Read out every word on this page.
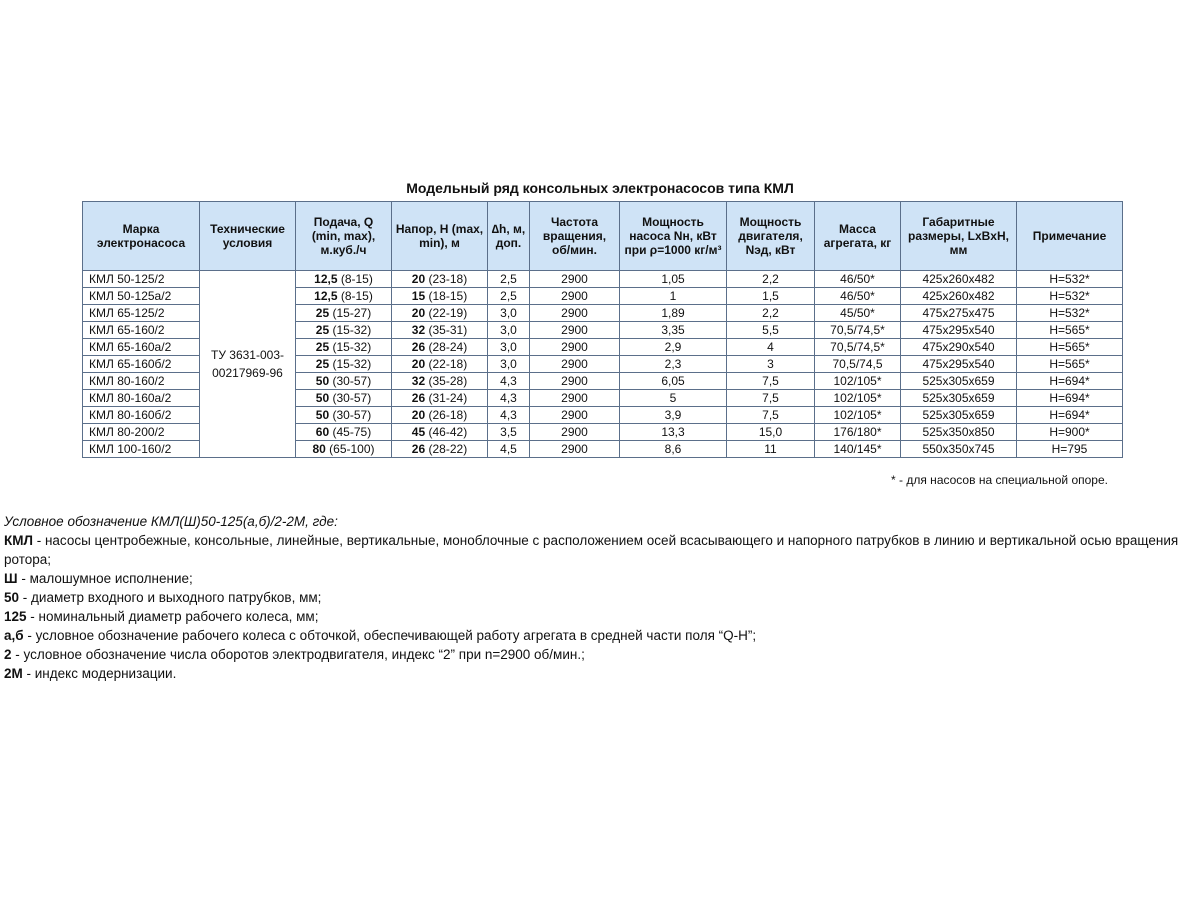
Модельный ряд консольных электронасосов типа КМЛ
Марка электронасоса	Технические условия	Подача, Q (min, max), м.куб./ч	Напор, Н (max, min), м	∆h, м, доп.	Частота вращения, об/мин.	Мощность насоса Nн, кВт при ρ=1000 кг/м³	Мощность двигателя, Nэд, кВт	Масса агрегата, кг	Габаритные размеры, LxBxH, мм	Примечание
КМЛ 50-125/2	ТУ 3631-003-00217969-96	12,5 (8-15)	20 (23-18)	2,5	2900	1,05	2,2	46/50*	425x260x482	H=532*
КМЛ 50-125а/2		12,5 (8-15)	15 (18-15)	2,5	2900	1	1,5	46/50*	425x260x482	H=532*
КМЛ 65-125/2		25 (15-27)	20 (22-19)	3,0	2900	1,89	2,2	45/50*	475x275x475	H=532*
КМЛ 65-160/2		25 (15-32)	32 (35-31)	3,0	2900	3,35	5,5	70,5/74,5*	475x295x540	H=565*
КМЛ 65-160а/2		25 (15-32)	26 (28-24)	3,0	2900	2,9	4	70,5/74,5*	475x290x540	H=565*
КМЛ 65-160б/2		25 (15-32)	20 (22-18)	3,0	2900	2,3	3	70,5/74,5	475x295x540	H=565*
КМЛ 80-160/2		50 (30-57)	32 (35-28)	4,3	2900	6,05	7,5	102/105*	525x305x659	H=694*
КМЛ 80-160а/2		50 (30-57)	26 (31-24)	4,3	2900	5	7,5	102/105*	525x305x659	H=694*
КМЛ 80-160б/2		50 (30-57)	20 (26-18)	4,3	2900	3,9	7,5	102/105*	525x305x659	H=694*
КМЛ 80-200/2		60 (45-75)	45 (46-42)	3,5	2900	13,3	15,0	176/180*	525x350x850	H=900*
КМЛ 100-160/2		80 (65-100)	26 (28-22)	4,5	2900	8,6	11	140/145*	550x350x745	H=795
* - для насосов на специальной опоре.
Условное обозначение КМЛ(Ш)50-125(а,б)/2-2М, где:
КМЛ - насосы центробежные, консольные, линейные, вертикальные, моноблочные с расположением осей всасывающего и напорного патрубков в линию и вертикальной осью вращения ротора;
Ш - малошумное исполнение;
50 - диаметр входного и выходного патрубков, мм;
125 - номинальный диаметр рабочего колеса, мм;
а,б - условное обозначение рабочего колеса с обточкой, обеспечивающей работу агрегата в средней части поля “Q-H”;
2 - условное обозначение числа оборотов электродвигателя, индекс “2” при n=2900 об/мин.;
2М - индекс модернизации.
